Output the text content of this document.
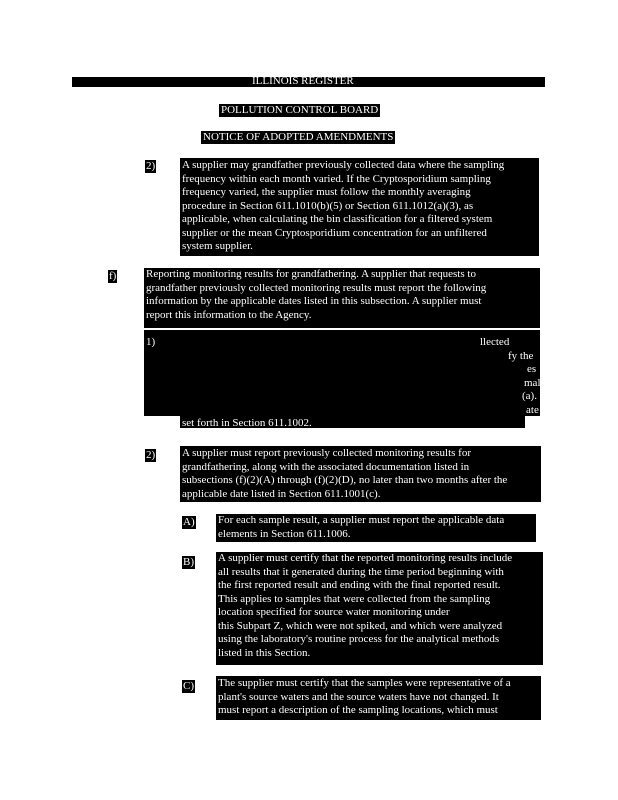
ILLINOIS REGISTER
POLLUTION CONTROL BOARD
NOTICE OF ADOPTED AMENDMENTS
2) A supplier may grandfather previously collected data where the sampling
frequency within each month varied. If the Cryptosporidium sampling
frequency varied, the supplier must follow the monthly averaging
procedure in Section 611.1010(b)(5) or Section 611.1012(a)(3), as
applicable, when calculating the bin classification for a filtered system
supplier or the mean Cryptosporidium concentration for an unfiltered
system supplier.
f)	Reporting monitoring results for grandfathering. A supplier that requests to
grandfather previously collected monitoring results must report the following
information by the applicable dates listed in this subsection. A supplier must
report this information to the Agency.
1)	llected
fy the
es
mal
(a).
ate
set forth in Section 611.1002.
2) A supplier must report previously collected monitoring results for
grandfathering, along with the associated documentation listed in
subsections (f)(2)(A) through (f)(2)(D), no later than two months after the
applicable date listed in Section 611.1001(c).
A) For each sample result, a supplier must report the applicable data
elements in Section 611.1006.
B) A supplier must certify that the reported monitoring results include
all results that it generated during the time period beginning with
the first reported result and ending with the final reported result.
This applies to samples that were collected from the sampling
location specified for source water monitoring under
this Subpart Z, which were not spiked, and which were analyzed
using the laboratory's routine process for the analytical methods
listed in this Section.
C) The supplier must certify that the samples were representative of a
plant's source waters and the source waters have not changed. It
must report a description of the sampling locations, which must
